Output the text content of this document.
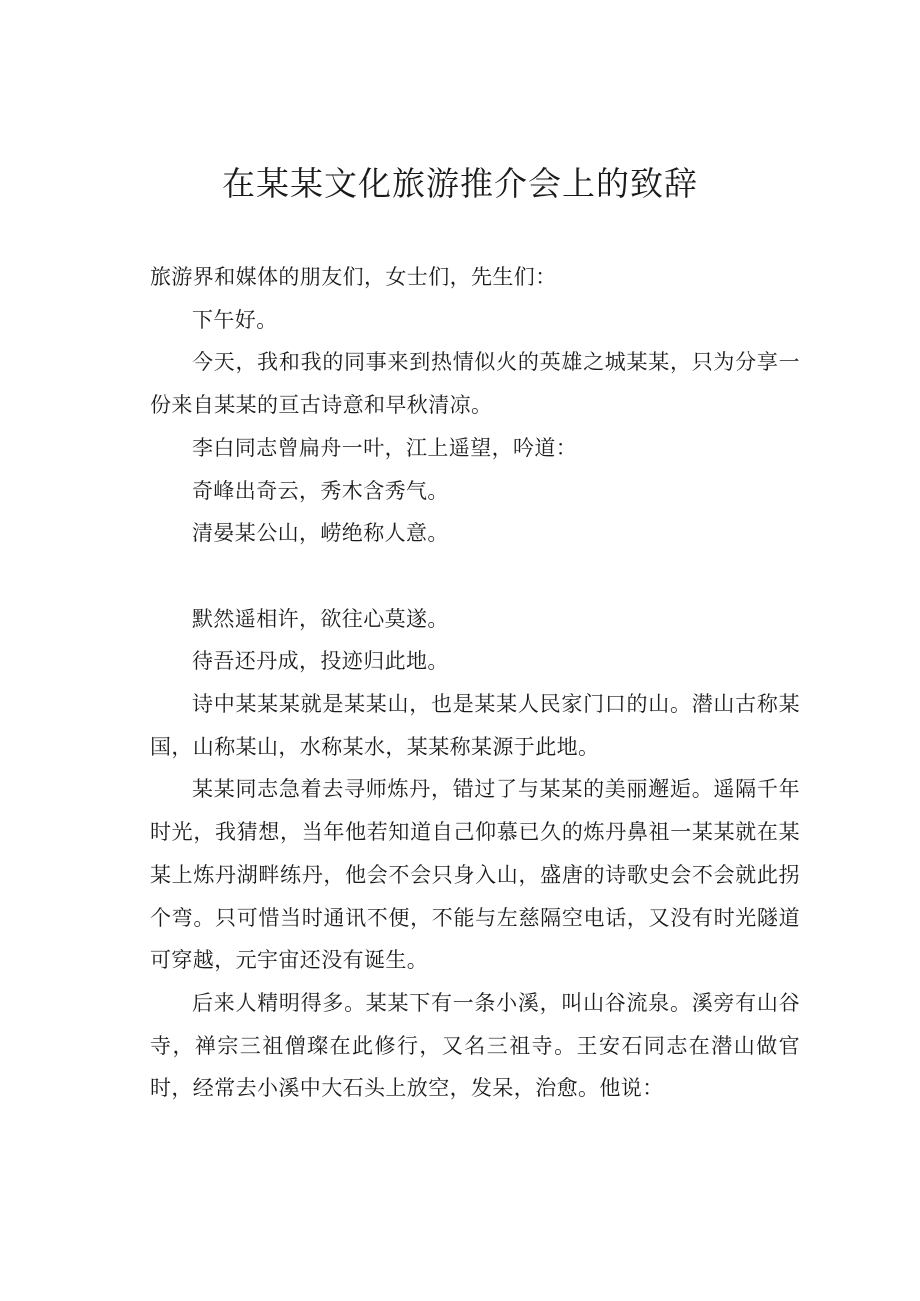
在某某文化旅游推介会上的致辞

旅游界和媒体的朋友们，女士们，先生们：

下午好。

今天，我和我的同事来到热情似火的英雄之城某某，只为分享一份来自某某的亘古诗意和早秋清凉。

李白同志曾扁舟一叶，江上遥望，吟道：

奇峰出奇云，秀木含秀气。

清晏某公山，崂绝称人意。

默然遥相许，欲往心莫遂。

待吾还丹成，投迹归此地。

诗中某某某就是某某山，也是某某人民家门口的山。潜山古称某国，山称某山，水称某水，某某称某源于此地。

某某同志急着去寻师炼丹，错过了与某某的美丽邂逅。遥隔千年时光，我猜想，当年他若知道自己仰慕已久的炼丹鼻祖一某某就在某某上炼丹湖畔练丹，他会不会只身入山，盛唐的诗歌史会不会就此拐个弯。只可惜当时通讯不便，不能与左慈隔空电话，又没有时光隧道可穿越，元宇宙还没有诞生。

后来人精明得多。某某下有一条小溪，叫山谷流泉。溪旁有山谷寺，禅宗三祖僧璨在此修行，又名三祖寺。王安石同志在潜山做官时，经常去小溪中大石头上放空，发呆，治愈。他说：
